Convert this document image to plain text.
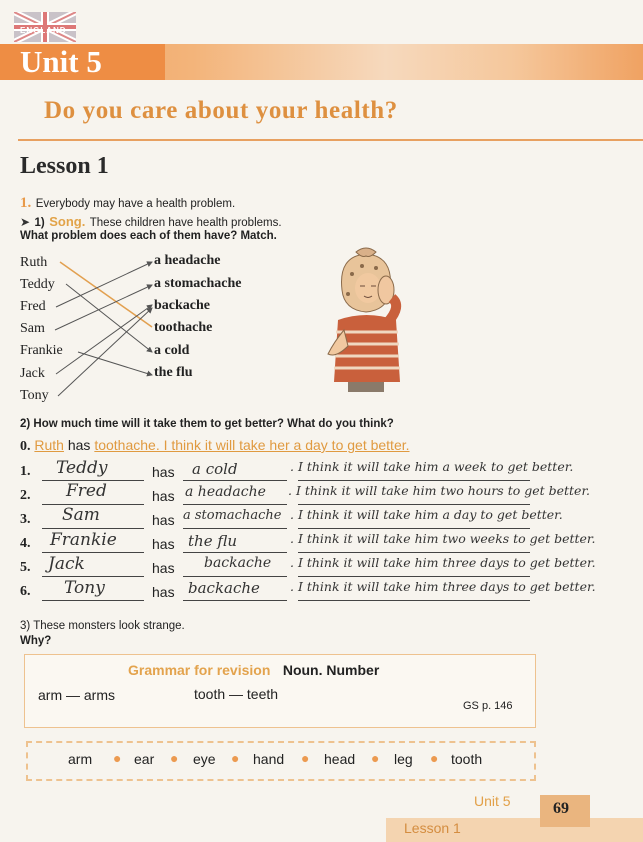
ENGLAND
Unit 5
Do you care about your health?
Lesson 1
1. Everybody may have a health problem.
➤ 1) Song. These children have health problems.
What problem does each of them have? Match.
Ruth
Teddy
Fred
Sam
Frankie
Jack
Tony
a headache
a stomachache
backache
toothache
a cold
the flu
2) How much time will it take them to get better? What do you think?
0. Ruth has toothache. I think it will take her a day to get better.
1. Teddy	has a cold	. I think it will take him a week to get better.
2. Fred	has a headache . I think it will take him two hours to get better.
3. Sam	has a stomachache . I think it will take him a day to get better.
4. Frankie	has the flu	. I think it will take him two weeks to get better.
5. Jack	has backache . I think it will take him three days to get better.
6. Tony	has backache . I think it will take him three days to get better.
3) These monsters look strange.
Why?
Grammar for revision Noun. Number
arm — arms	tooth — teeth
GS p. 146
arm ● ear ● eye ● hand ● head ● leg ● tooth
Unit 5
Lesson 1
69
